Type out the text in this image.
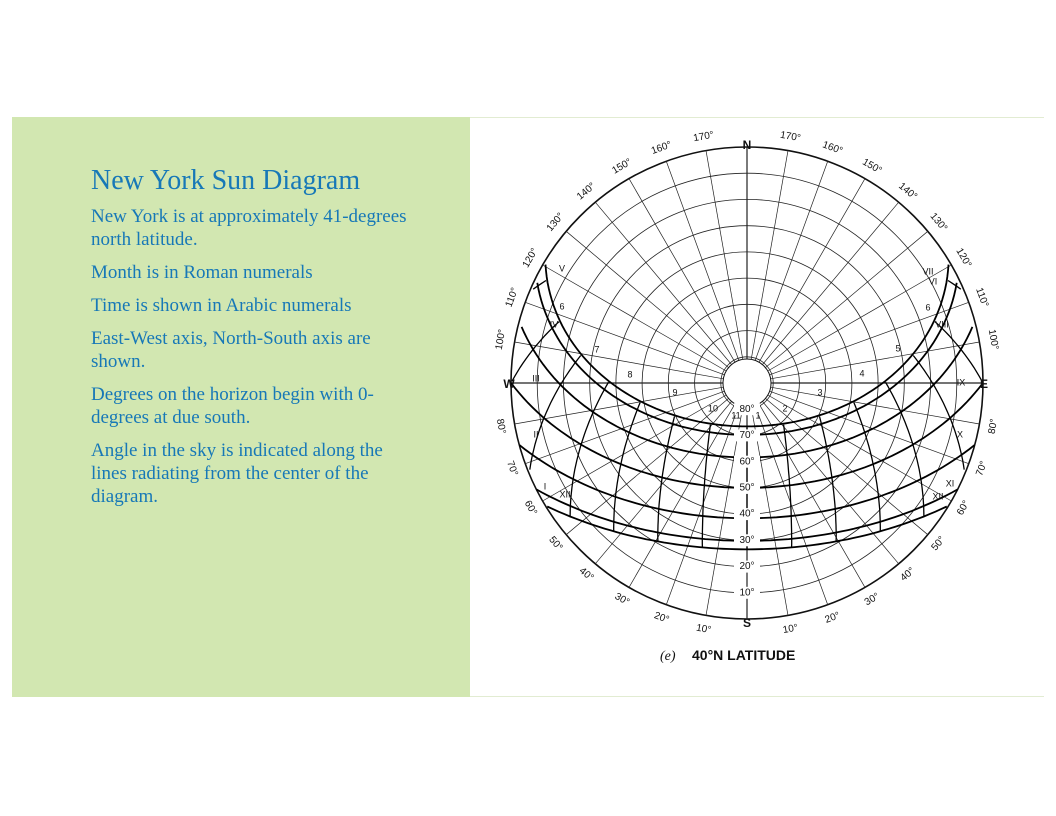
New York Sun Diagram
New York is at approximately 41-degrees north latitude.
Month is in Roman numerals
Time is shown in Arabic numerals
East-West axis, North-South axis are shown.
Degrees on the horizon begin with 0-degrees at due south.
Angle in the sky is indicated along the lines radiating from the center of the diagram.
10°
10°
20°
20°
30°
30°
40°
40°
50°
50°
60°
60°
70°
70°
80°
80°
100°
100°
110°
110°
120°
120°
130°
130°
140°
140°
150°
150°
160°
160°
170°
170°
80°
70°
60°
50°
40°
30°
20°
10°
VII
VI
VIII
IX
X
XI
XII
V
IV
III
II
I
XII
6
7
8
9
10
11 1
2
3
4
5
6
(e) 40°N LATITUDE
N
S
W	E
